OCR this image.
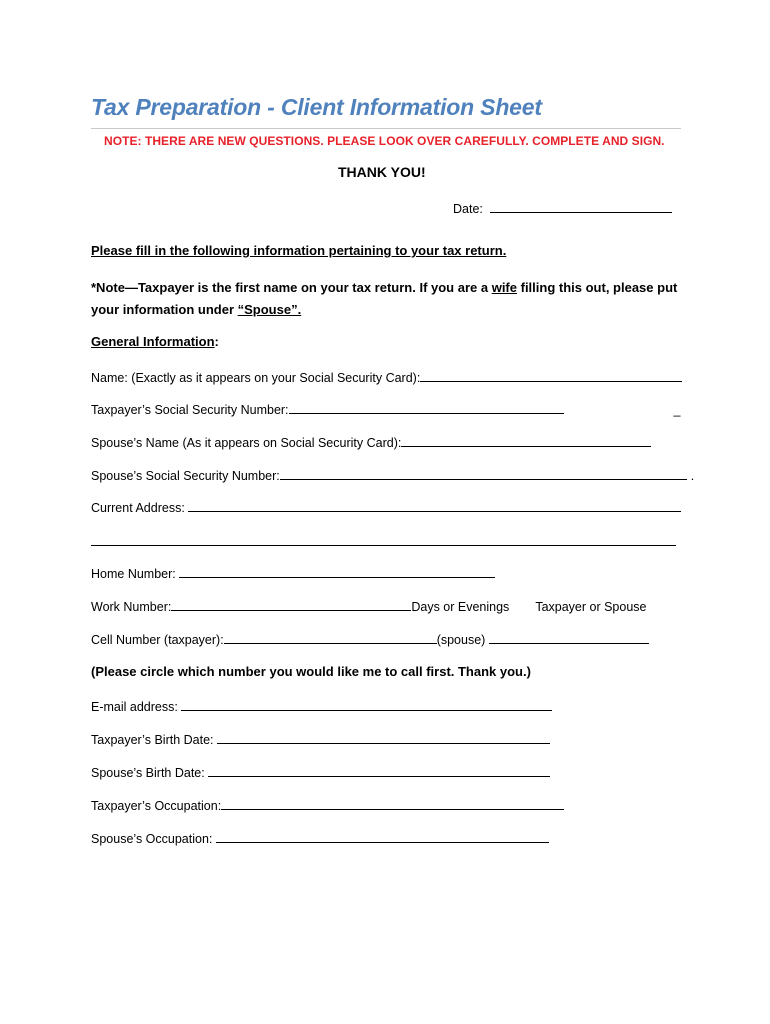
Tax Preparation - Client Information Sheet
NOTE: THERE ARE NEW QUESTIONS. PLEASE LOOK OVER CAREFULLY. COMPLETE AND SIGN.
THANK YOU!
Date:
Please fill in the following information pertaining to your tax return.
*Note—Taxpayer is the first name on your tax return. If you are a wife filling this out, please put your information under “Spouse”.
General Information:
Name: (Exactly as it appears on your Social Security Card):
Taxpayer’s Social Security Number:	_
Spouse’s Name (As it appears on Social Security Card):
Spouse’s Social Security Number:	.
Current Address:
Home Number:
Work Number:	Days or Evenings Taxpayer or Spouse
Cell Number (taxpayer):	(spouse)
(Please circle which number you would like me to call first. Thank you.)
E-mail address:
Taxpayer’s Birth Date:
Spouse’s Birth Date:
Taxpayer’s Occupation:
Spouse’s Occupation:
